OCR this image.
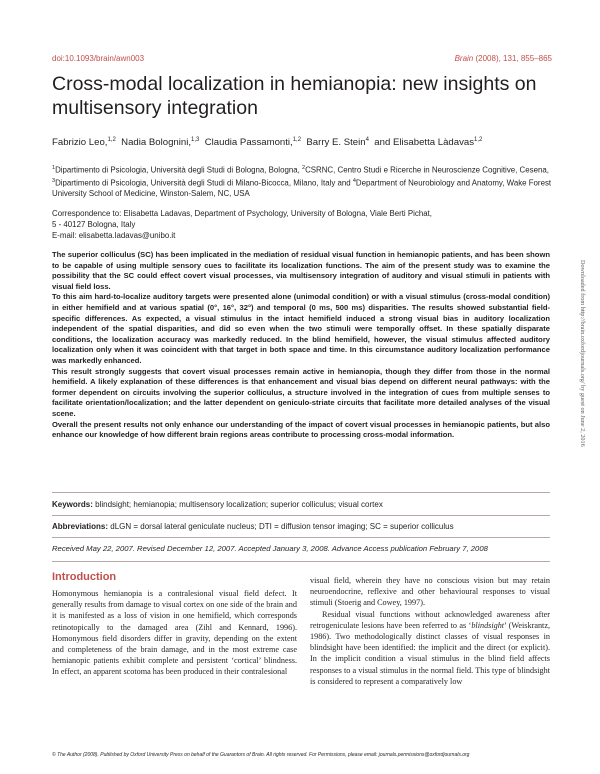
doi:10.1093/brain/awn003	Brain (2008), 131, 855–865
Cross-modal localization in hemianopia: new insights on multisensory integration
Fabrizio Leo,$^{1,2}$ Nadia Bolognini,$^{1,3}$ Claudia Passamonti,$^{1,2}$ Barry E. Stein$^4$ and Elisabetta Làdavas$^{1,2}$
$^1$Dipartimento di Psicologia, Università degli Studi di Bologna, Bologna, $^2$CSRNC, Centro Studi e Ricerche in Neuroscienze Cognitive, Cesena, $^3$Dipartimento di Psicologia, Università degli Studi di Milano-Bicocca, Milano, Italy and $^4$Department of Neurobiology and Anatomy, Wake Forest University School of Medicine, Winston-Salem, NC, USA
Correspondence to: Elisabetta Ladavas, Department of Psychology, University of Bologna, Viale Berti Pichat,
5 - 40127 Bologna, Italy
E-mail: elisabetta.ladavas@unibo.it

The superior colliculus (SC) has been implicated in the mediation of residual visual function in hemianopic patients, and has been shown to be capable of using multiple sensory cues to facilitate its localization functions. The aim of the present study was to examine the possibility that the SC could effect covert visual processes, via multisensory integration of auditory and visual stimuli in patients with visual field loss.

To this aim hard-to-localize auditory targets were presented alone (unimodal condition) or with a visual stimulus (cross-modal condition) in either hemifield and at various spatial (0°, 16°, 32°) and temporal (0 ms, 500 ms) disparities. The results showed substantial field-specific differences. As expected, a visual stimulus in the intact hemifield induced a strong visual bias in auditory localization independent of the spatial disparities, and did so even when the two stimuli were temporally offset. In these spatially disparate conditions, the localization accuracy was markedly reduced. In the blind hemifield, however, the visual stimulus affected auditory localization only when it was coincident with that target in both space and time. In this circumstance auditory localization performance was markedly enhanced.

This result strongly suggests that covert visual processes remain active in hemianopia, though they differ from those in the normal hemifield. A likely explanation of these differences is that enhancement and visual bias depend on different neural pathways: with the former dependent on circuits involving the superior colliculus, a structure involved in the integration of cues from multiple senses to facilitate orientation/localization; and the latter dependent on geniculo-striate circuits that facilitate more detailed analyses of the visual scene.

Overall the present results not only enhance our understanding of the impact of covert visual processes in hemianopic patients, but also enhance our knowledge of how different brain regions areas contribute to processing cross-modal information.

Keywords: blindsight; hemianopia; multisensory localization; superior colliculus; visual cortex
Abbreviations: dLGN = dorsal lateral geniculate nucleus; DTI = diffusion tensor imaging; SC = superior colliculus
Received May 22, 2007. Revised December 12, 2007. Accepted January 3, 2008. Advance Access publication February 7, 2008
Introduction

Homonymous hemianopia is a contralesional visual field defect. It generally results from damage to visual cortex on one side of the brain and it is manifested as a loss of vision in one hemifield, which corresponds retinotopically to the damaged area (Zihl and Kennard, 1996). Homonymous field disorders differ in gravity, depending on the extent and completeness of the brain damage, and in the most extreme case hemianopic patients exhibit complete and persistent ‘cortical’ blindness. In effect, an apparent scotoma has been produced in their contralesional

visual field, wherein they have no conscious vision but may retain neuroendocrine, reflexive and other behavioural responses to visual stimuli (Stoerig and Cowey, 1997).

Residual visual functions without acknowledged awareness after retrogeniculate lesions have been referred to as ‘blindsight’ (Weiskrantz, 1986). Two methodologically distinct classes of visual responses in blindsight have been identified: the implicit and the direct (or explicit). In the implicit condition a visual stimulus in the blind field affects responses to a visual stimulus in the normal field. This type of blindsight is considered to represent a comparatively low

© The Author (2008). Published by Oxford University Press on behalf of the Guarantors of Brain. All rights reserved. For Permissions, please email: journals.permissions@oxfordjournals.org
Downloaded from http://brain.oxfordjournals.org/ by guest on June 2, 2016
